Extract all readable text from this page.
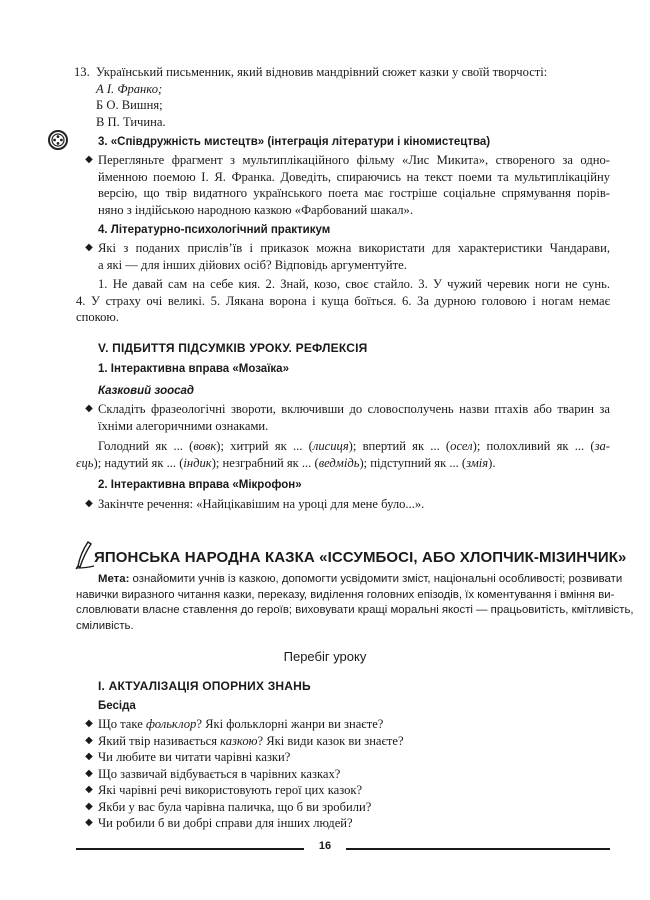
13. Український письменник, який відновив мандрівний сюжет казки у своїй творчості:
А І. Франко;
Б О. Вишня;
В П. Тичина.
3. «Співдружність мистецтв» (інтеграція літератури і кіномистецтва)
◆ Перегляньте фрагмент з мультиплікаційного фільму «Лис Микита», створеного за одно-
йменною поемою І. Я. Франка. Доведіть, спираючись на текст поеми та мультиплікаційну
версію, що твір видатного українського поета має гостріше соціальне спрямування порів-
няно з індійською народною казкою «Фарбований шакал».
4. Літературно-психологічний практикум
◆ Які з поданих прислів’їв і приказок можна використати для характеристики Чандарави,
а які — для інших дійових осіб? Відповідь аргументуйте.
1. Не давай сам на себе кия. 2. Знай, козо, своє стайло. 3. У чужий черевик ноги не сунь.
4. У страху очі великі. 5. Лякана ворона і куща боїться. 6. За дурною головою і ногам немає
спокою.
V. ПІДБИТТЯ ПІДСУМКІВ УРОКУ. РЕФЛЕКСІЯ
1. Інтерактивна вправа «Мозаїка»
Казковий зоосад
◆ Складіть фразеологічні звороти, включивши до словосполучень назви птахів або тварин за
їхніми алегоричними ознаками.
Голодний як ... (вовк); хитрий як ... (лисиця); впертий як ... (осел); полохливий як ... (за-
єць); надутий як ... (індик); незграбний як ... (ведмідь); підступний як ... (змія).
2. Інтерактивна вправа «Мікрофон»
◆ Закінчте речення: «Найцікавішим на уроці для мене було...».
ЯПОНСЬКА НАРОДНА КАЗКА «ІССУМБОСІ, АБО ХЛОПЧИК-МІЗИНЧИК»
Мета: ознайомити учнів із казкою, допомогти усвідомити зміст, національні особливості; розвивати
навички виразного читання казки, переказу, виділення головних епізодів, їх коментування і вміння ви-
словлювати власне ставлення до героїв; виховувати кращі моральні якості — працьовитість, кмітливість,
сміливість.
Перебіг уроку
I. АКТУАЛІЗАЦІЯ ОПОРНИХ ЗНАНЬ
Бесіда
◆ Що таке фольклор? Які фольклорні жанри ви знаєте?
◆ Який твір називається казкою? Які види казок ви знаєте?
◆ Чи любите ви читати чарівні казки?
◆ Що зазвичай відбувається в чарівних казках?
◆ Які чарівні речі використовують герої цих казок?
◆ Якби у вас була чарівна паличка, що б ви зробили?
◆ Чи робили б ви добрі справи для інших людей?
16
